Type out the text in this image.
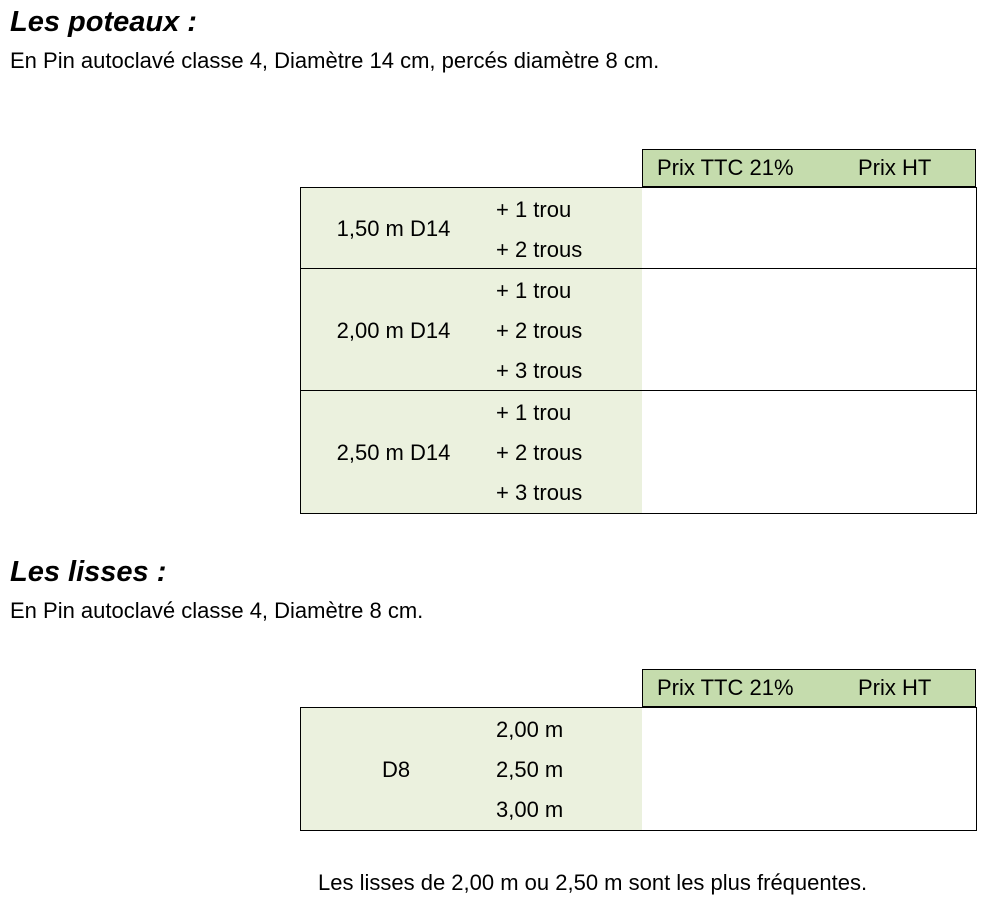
Les poteaux :

En Pin autoclavé classe 4, Diamètre 14 cm, percés diamètre 8 cm.

Prix TTC 21%	Prix HT
1,50 m D14
+ 1 trou
+ 2 trous
2,00 m D14
+ 1 trou
+ 2 trous
+ 3 trous
2,50 m D14
+ 1 trou
+ 2 trous
+ 3 trous
Les lisses :

En Pin autoclavé classe 4, Diamètre 8 cm.

Prix TTC 21%	Prix HT
D8
2,00 m
2,50 m
3,00 m

Les lisses de 2,00 m ou 2,50 m sont les plus fréquentes.
